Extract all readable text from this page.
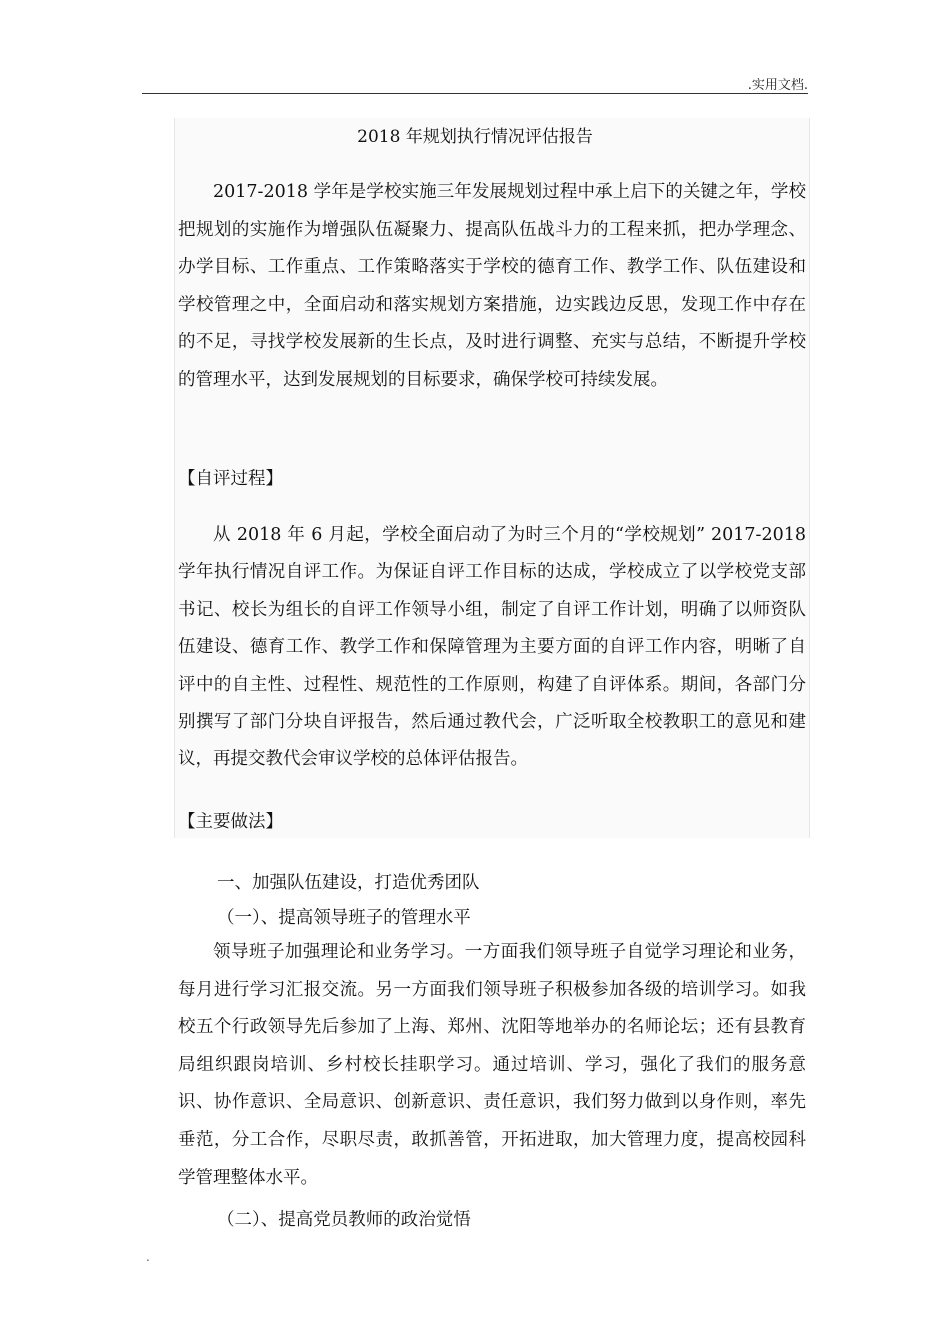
.实用文档.
2018 年规划执行情况评估报告

2017-2018 学年是学校实施三年发展规划过程中承上启下的关键之年，学校把规划的实施作为增强队伍凝聚力、提高队伍战斗力的工程来抓，把办学理念、办学目标、工作重点、工作策略落实于学校的德育工作、教学工作、队伍建设和学校管理之中，全面启动和落实规划方案措施，边实践边反思，发现工作中存在的不足，寻找学校发展新的生长点，及时进行调整、充实与总结，不断提升学校的管理水平，达到发展规划的目标要求，确保学校可持续发展。

【自评过程】

从 2018 年 6 月起，学校全面启动了为时三个月的“学校规划” 2017-2018 学年执行情况自评工作。为保证自评工作目标的达成，学校成立了以学校党支部书记、校长为组长的自评工作领导小组，制定了自评工作计划，明确了以师资队伍建设、德育工作、教学工作和保障管理为主要方面的自评工作内容，明晰了自评中的自主性、过程性、规范性的工作原则，构建了自评体系。期间，各部门分别撰写了部门分块自评报告，然后通过教代会，广泛听取全校教职工的意见和建议，再提交教代会审议学校的总体评估报告。

【主要做法】
一、加强队伍建设，打造优秀团队
（一）、提高领导班子的管理水平

领导班子加强理论和业务学习。一方面我们领导班子自觉学习理论和业务，每月进行学习汇报交流。另一方面我们领导班子积极参加各级的培训学习。如我校五个行政领导先后参加了上海、郑州、沈阳等地举办的名师论坛；还有县教育局组织跟岗培训、乡村校长挂职学习。通过培训、学习，强化了我们的服务意识、协作意识、全局意识、创新意识、责任意识，我们努力做到以身作则，率先垂范，分工合作，尽职尽责，敢抓善管，开拓进取，加大管理力度，提高校园科学管理整体水平。

（二）、提高党员教师的政治觉悟
.
